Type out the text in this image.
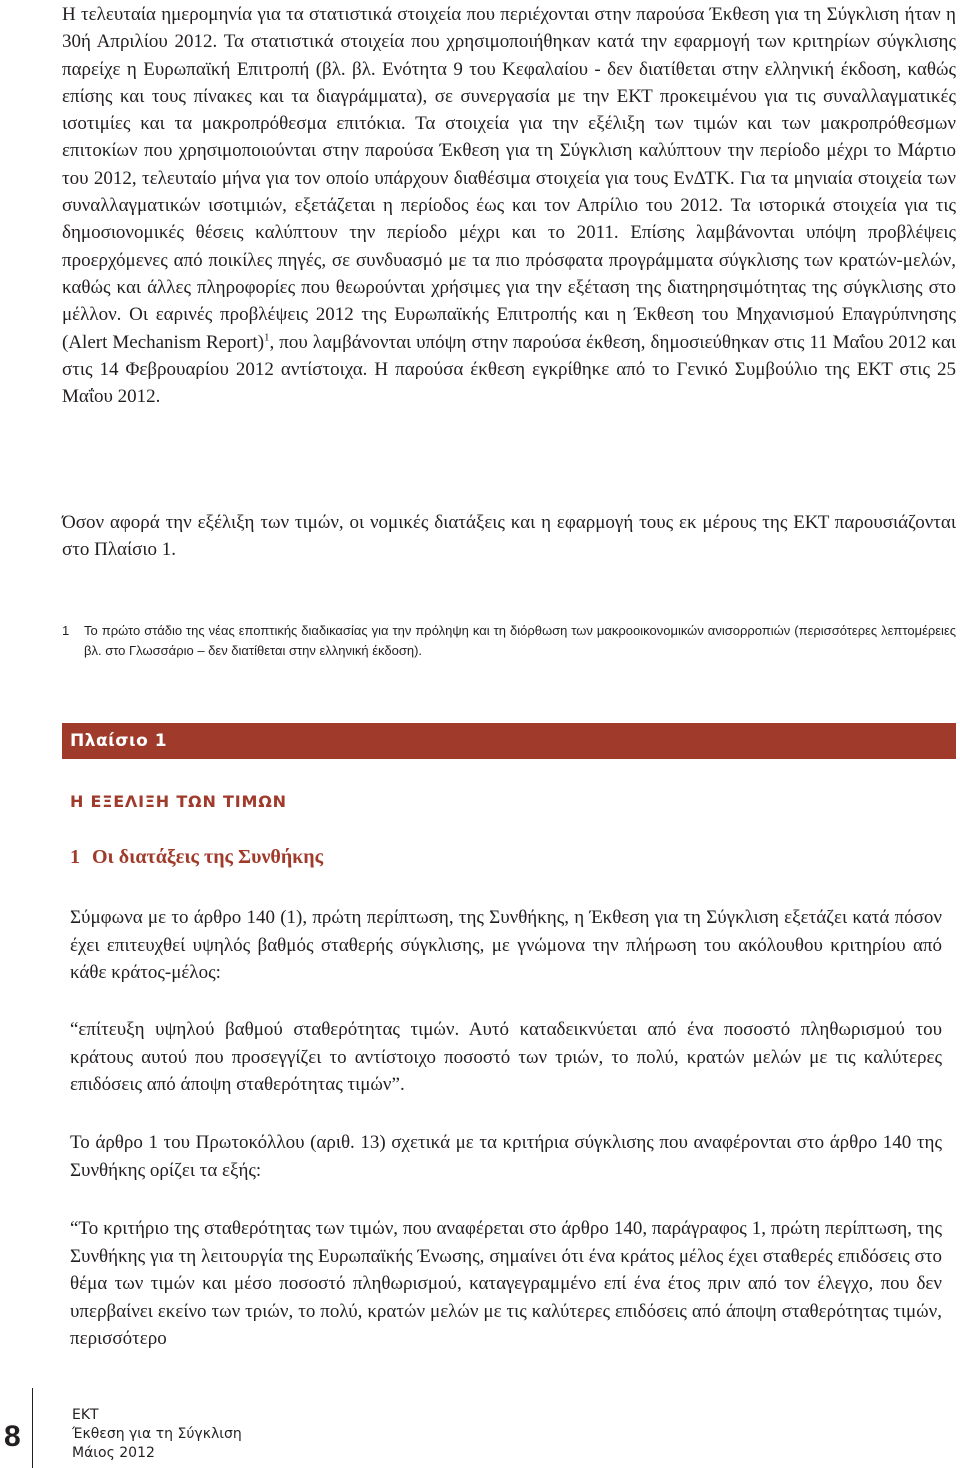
Η τελευταία ημερομηνία για τα στατιστικά στοιχεία που περιέχονται στην παρούσα Έκθεση για τη Σύγκλιση ήταν η 30ή Απριλίου 2012. Τα στατιστικά στοιχεία που χρησιμοποιήθηκαν κατά την εφαρμογή των κριτηρίων σύγκλισης παρείχε η Ευρωπαϊκή Επιτροπή (βλ. βλ. Ενότητα 9 του Κεφαλαίου - δεν διατίθεται στην ελληνική έκδοση, καθώς επίσης και τους πίνακες και τα διαγράμματα), σε συνεργασία με την ΕΚΤ προκειμένου για τις συναλλαγματικές ισοτιμίες και τα μακροπρόθεσμα επιτόκια. Τα στοιχεία για την εξέλιξη των τιμών και των μακροπρόθεσμων επιτοκίων που χρησιμοποιούνται στην παρούσα Έκθεση για τη Σύγκλιση καλύπτουν την περίοδο μέχρι το Μάρτιο του 2012, τελευταίο μήνα για τον οποίο υπάρχουν διαθέσιμα στοιχεία για τους ΕνΔΤΚ. Για τα μηνιαία στοιχεία των συναλλαγματικών ισοτιμιών, εξετάζεται η περίοδος έως και τον Απρίλιο του 2012. Τα ιστορικά στοιχεία για τις δημοσιονομικές θέσεις καλύπτουν την περίοδο μέχρι και το 2011. Επίσης λαμβάνονται υπόψη προβλέψεις προερχόμενες από ποικίλες πηγές, σε συνδυασμό με τα πιο πρόσφατα προγράμματα σύγκλισης των κρατών-μελών, καθώς και άλλες πληροφορίες που θεωρούνται χρήσιμες για την εξέταση της διατηρησιμότητας της σύγκλισης στο μέλλον. Οι εαρινές προβλέψεις 2012 της Ευρωπαϊκής Επιτροπής και η Έκθεση του Μηχανισμού Επαγρύπνησης (Alert Mechanism Report)$^1$, που λαμβάνονται υπόψη στην παρούσα έκθεση, δημοσιεύθηκαν στις 11 Μαΐου 2012 και στις 14 Φεβρουαρίου 2012 αντίστοιχα. Η παρούσα έκθεση εγκρίθηκε από το Γενικό Συμβούλιο της ΕΚΤ στις 25 Μαΐου 2012.

Όσον αφορά την εξέλιξη των τιμών, οι νομικές διατάξεις και η εφαρμογή τους εκ μέρους της ΕΚΤ παρουσιάζονται στο Πλαίσιο 1.

1 Το πρώτο στάδιο της νέας εποπτικής διαδικασίας για την πρόληψη και τη διόρθωση των μακροοικονομικών ανισορροπιών (περισσότερες λεπτομέρειες βλ. στο Γλωσσάριο – δεν διατίθεται στην ελληνική έκδοση).
Πλαίσιο 1
Η ΕΞΕΛΙΞΗ ΤΩΝ ΤΙΜΩΝ
1 Οι διατάξεις της Συνθήκης

Σύμφωνα με το άρθρο 140 (1), πρώτη περίπτωση, της Συνθήκης, η Έκθεση για τη Σύγκλιση εξετάζει κατά πόσον έχει επιτευχθεί υψηλός βαθμός σταθερής σύγκλισης, με γνώμονα την πλήρωση του ακόλουθου κριτηρίου από κάθε κράτος-μέλος:

“επίτευξη υψηλού βαθμού σταθερότητας τιμών. Αυτό καταδεικνύεται από ένα ποσοστό πληθωρισμού του κράτους αυτού που προσεγγίζει το αντίστοιχο ποσοστό των τριών, το πολύ, κρατών μελών με τις καλύτερες επιδόσεις από άποψη σταθερότητας τιμών”.

Το άρθρο 1 του Πρωτοκόλλου (αριθ. 13) σχετικά με τα κριτήρια σύγκλισης που αναφέρονται στο άρθρο 140 της Συνθήκης ορίζει τα εξής:

“Το κριτήριο της σταθερότητας των τιμών, που αναφέρεται στο άρθρο 140, παράγραφος 1, πρώτη περίπτωση, της Συνθήκης για τη λειτουργία της Ευρωπαϊκής Ένωσης, σημαίνει ότι ένα κράτος μέλος έχει σταθερές επιδόσεις στο θέμα των τιμών και μέσο ποσοστό πληθωρισμού, καταγεγραμμένο επί ένα έτος πριν από τον έλεγχο, που δεν υπερβαίνει εκείνο των τριών, το πολύ, κρατών μελών με τις καλύτερες επιδόσεις από άποψη σταθερότητας τιμών, περισσότερο

8
ΕΚΤ
Έκθεση για τη Σύγκλιση
Μάιος 2012
